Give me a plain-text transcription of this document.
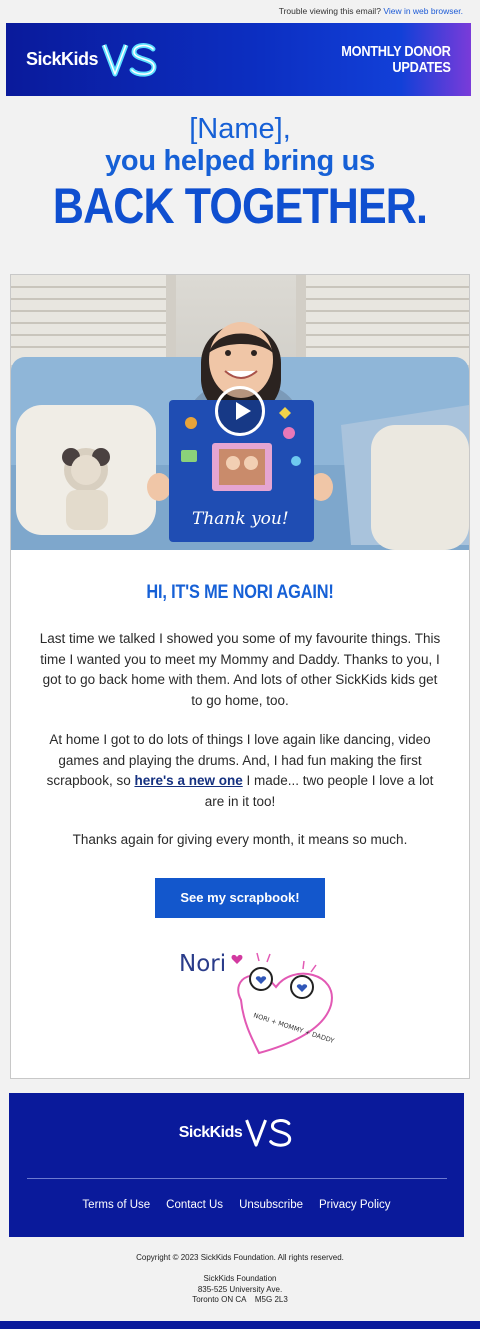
Trouble viewing this email? View in web browser.
SickKids	MONTHLY DONOR
UPDATES
[Name],
you helped bring us
BACK TOGETHER.
Thank you!
HI, IT'S ME NORI AGAIN!
Last time we talked I showed you some of my favourite things. This time I wanted you to meet my Mommy and Daddy. Thanks to you, I got to go back home with them. And lots of other SickKids kids get to go home, too.
At home I got to do lots of things I love again like dancing, video games and playing the drums. And, I had fun making the first scrapbook, so here's a new one I made... two people I love a lot are in it too!
Thanks again for giving every month, it means so much.
See my scrapbook!
Nori
NORI + MOMMY + DADDY
SickKids
Terms of Use Contact Us Unsubscribe Privacy Policy
Copyright © 2023 SickKids Foundation. All rights reserved.
SickKids Foundation
835-525 University Ave.
Toronto ON CA    M5G 2L3
